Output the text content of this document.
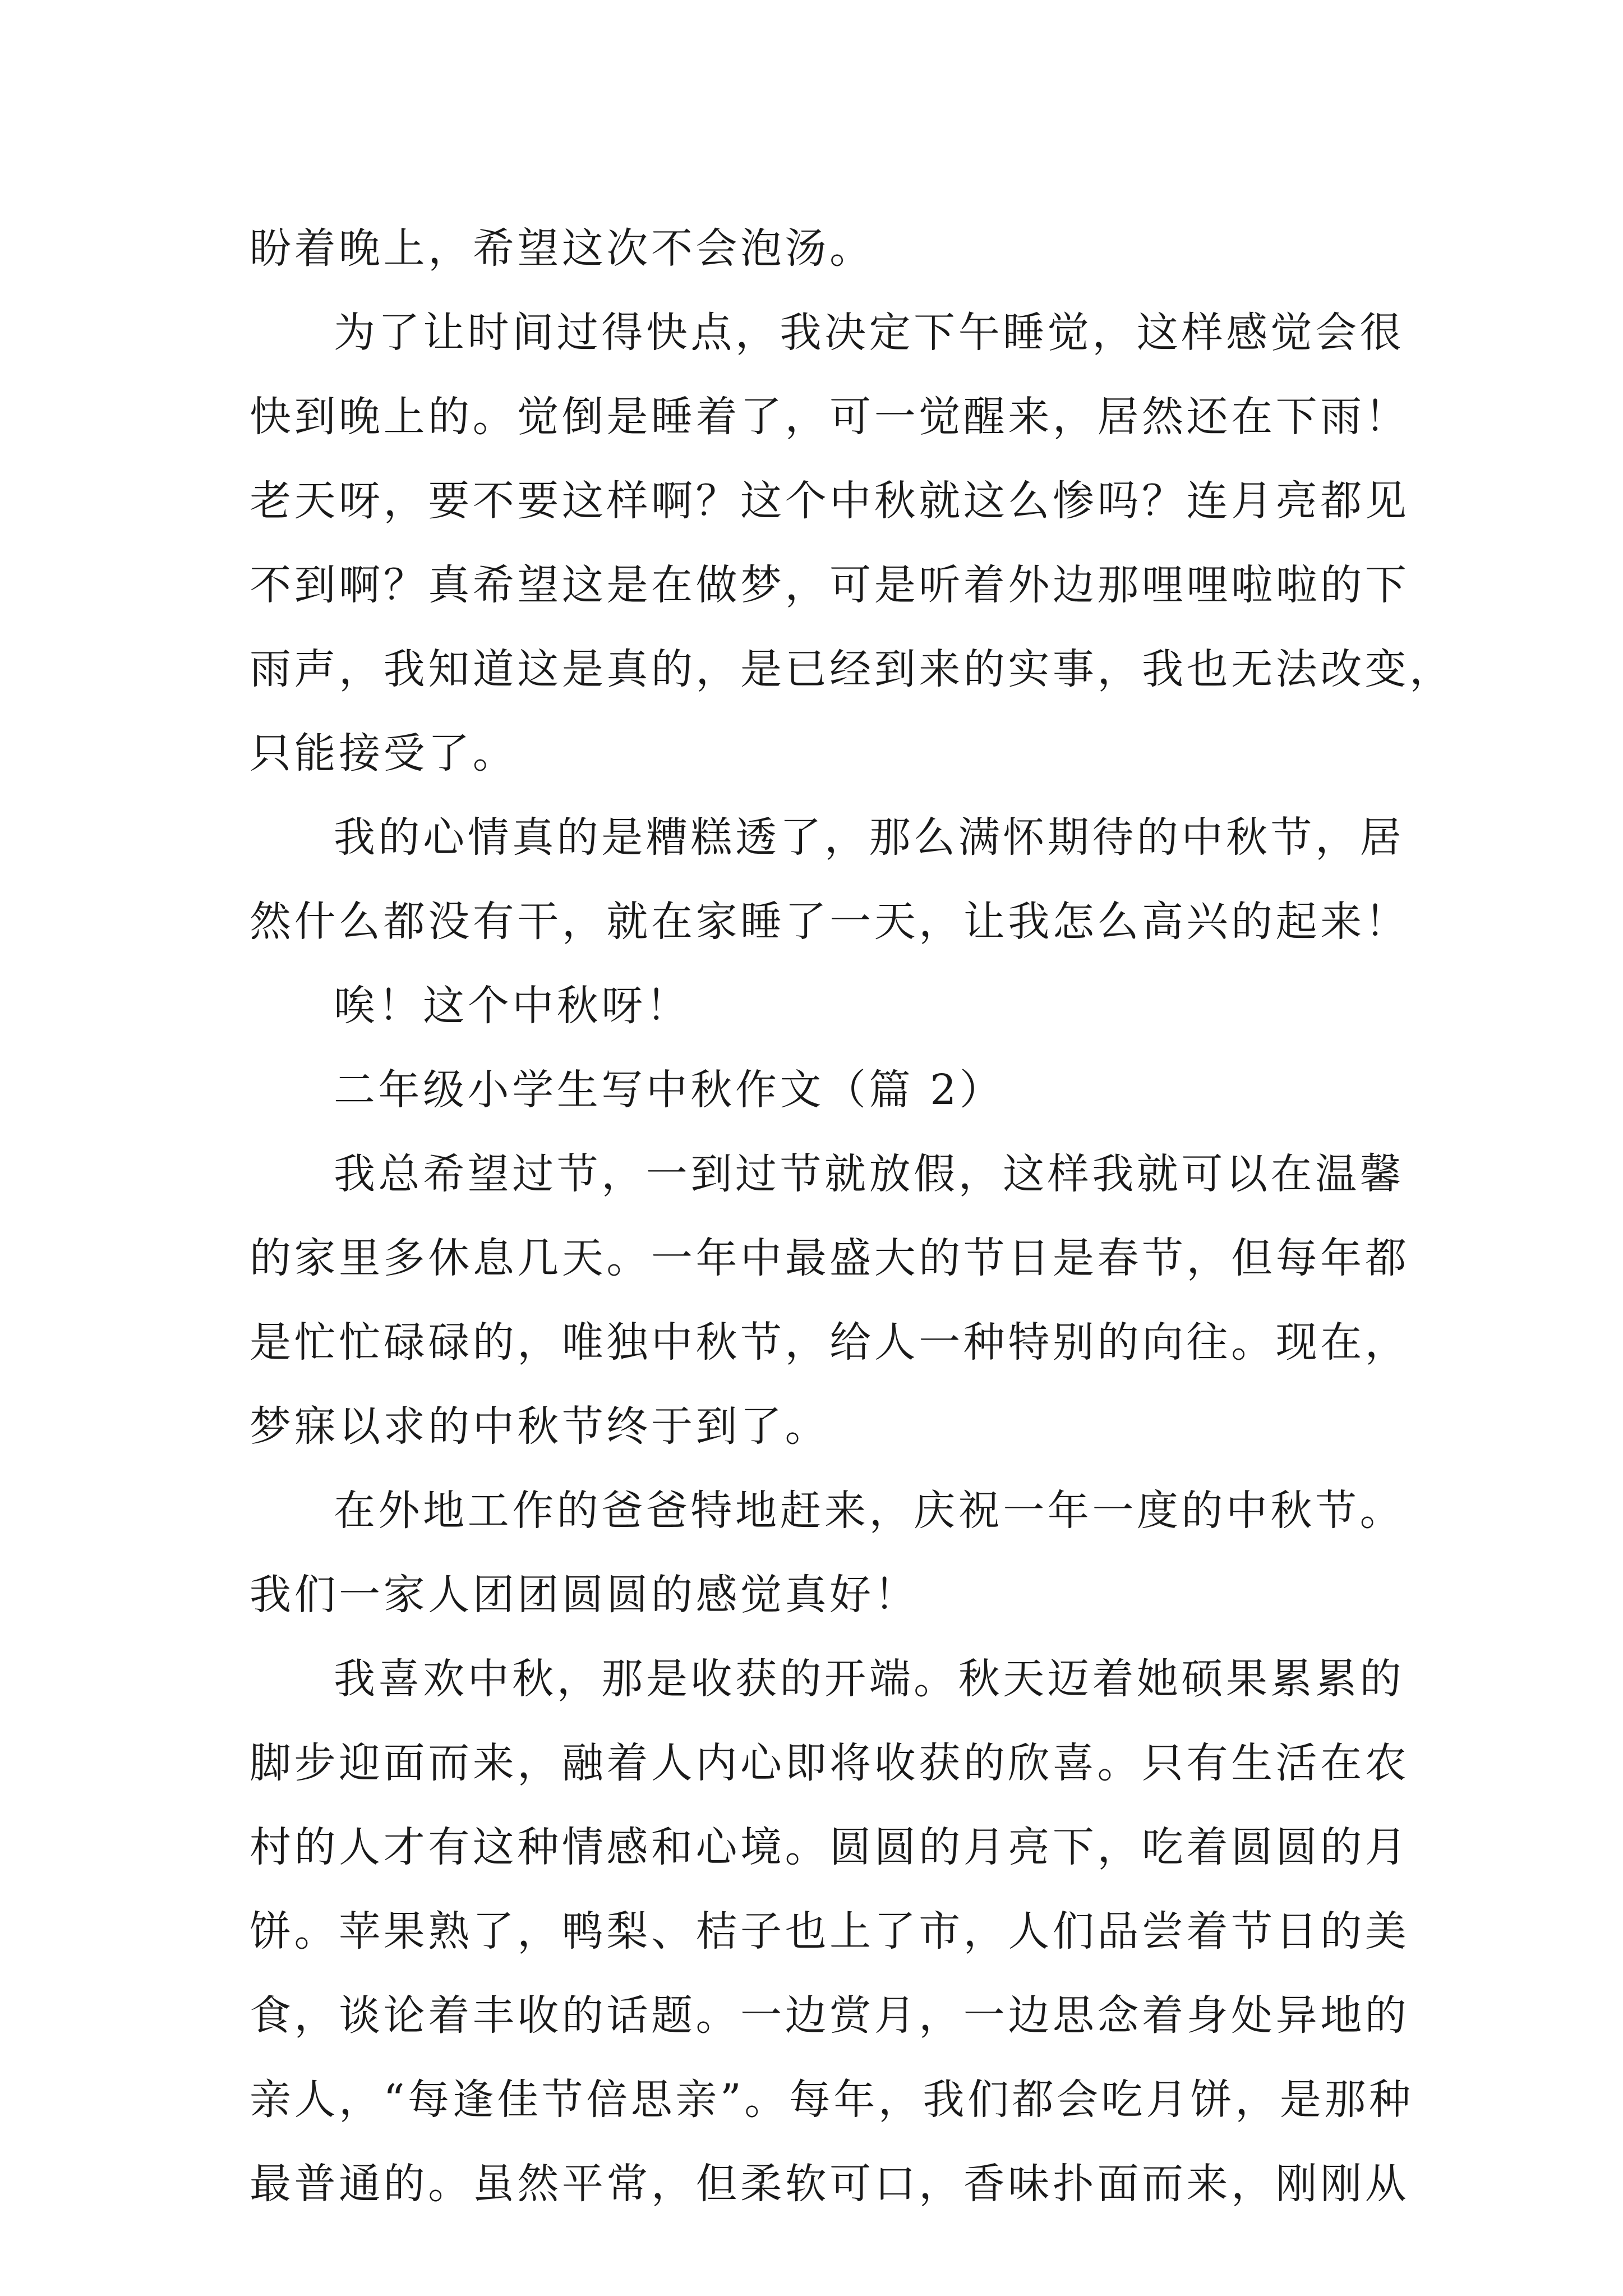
盼着晚上，希望这次不会泡汤。
为了让时间过得快点，我决定下午睡觉，这样感觉会很
快到晚上的。觉倒是睡着了，可一觉醒来，居然还在下雨！
老天呀，要不要这样啊？这个中秋就这么惨吗？连月亮都见
不到啊？真希望这是在做梦，可是听着外边那哩哩啦啦的下
雨声，我知道这是真的，是已经到来的实事，我也无法改变，
只能接受了。
我的心情真的是糟糕透了，那么满怀期待的中秋节，居
然什么都没有干，就在家睡了一天，让我怎么高兴的起来！
唉！这个中秋呀！
二年级小学生写中秋作文（篇 2）
我总希望过节，一到过节就放假，这样我就可以在温馨
的家里多休息几天。一年中最盛大的节日是春节，但每年都
是忙忙碌碌的，唯独中秋节，给人一种特别的向往。现在，
梦寐以求的中秋节终于到了。
在外地工作的爸爸特地赶来，庆祝一年一度的中秋节。
我们一家人团团圆圆的感觉真好！
我喜欢中秋，那是收获的开端。秋天迈着她硕果累累的
脚步迎面而来，融着人内心即将收获的欣喜。只有生活在农
村的人才有这种情感和心境。圆圆的月亮下，吃着圆圆的月
饼。苹果熟了，鸭梨、桔子也上了市，人们品尝着节日的美
食，谈论着丰收的话题。一边赏月，一边思念着身处异地的
亲人，“每逢佳节倍思亲”。每年，我们都会吃月饼，是那种
最普通的。虽然平常，但柔软可口，香味扑面而来，刚刚从
